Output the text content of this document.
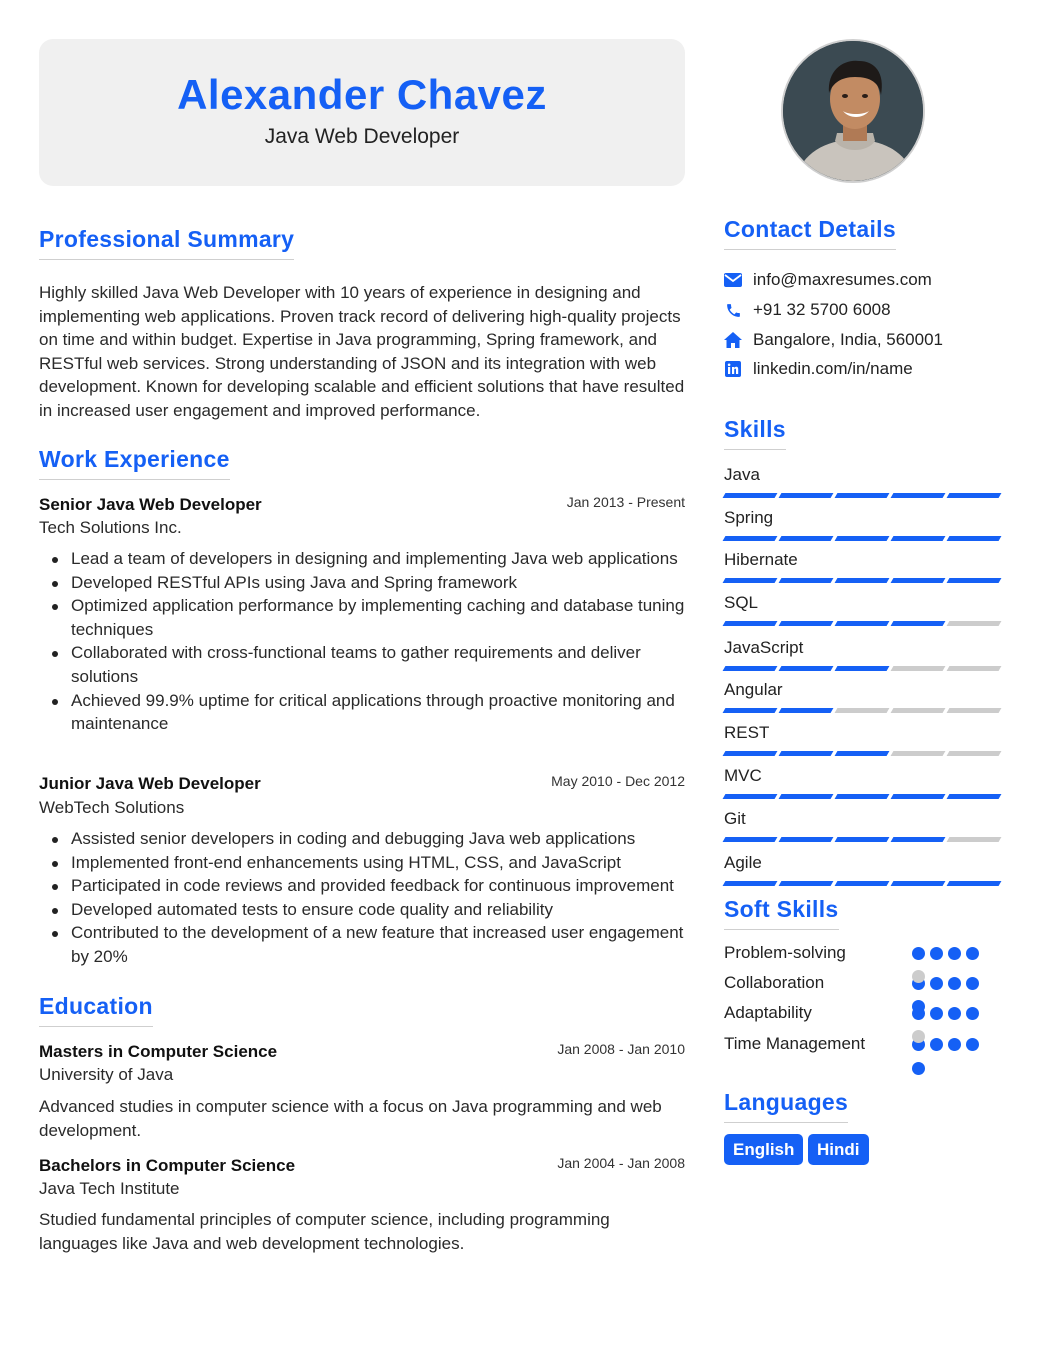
Alexander Chavez
Java Web Developer
Professional Summary
Highly skilled Java Web Developer with 10 years of experience in designing and implementing web applications. Proven track record of delivering high-quality projects on time and within budget. Expertise in Java programming, Spring framework, and RESTful web services. Strong understanding of JSON and its integration with web development. Known for developing scalable and efficient solutions that have resulted in increased user engagement and improved performance.
Work Experience
Senior Java Web Developer	Jan 2013 - Present
Tech Solutions Inc.
Lead a team of developers in designing and implementing Java web applications
Developed RESTful APIs using Java and Spring framework
Optimized application performance by implementing caching and database tuning techniques
Collaborated with cross-functional teams to gather requirements and deliver solutions
Achieved 99.9% uptime for critical applications through proactive monitoring and maintenance
Junior Java Web Developer	May 2010 - Dec 2012
WebTech Solutions
Assisted senior developers in coding and debugging Java web applications
Implemented front-end enhancements using HTML, CSS, and JavaScript
Participated in code reviews and provided feedback for continuous improvement
Developed automated tests to ensure code quality and reliability
Contributed to the development of a new feature that increased user engagement by 20%
Education
Masters in Computer Science	Jan 2008 - Jan 2010
University of Java
Advanced studies in computer science with a focus on Java programming and web development.
Bachelors in Computer Science	Jan 2004 - Jan 2008
Java Tech Institute
Studied fundamental principles of computer science, including programming languages like Java and web development technologies.
Contact Details
info@maxresumes.com
+91 32 5700 6008
Bangalore, India, 560001
linkedin.com/in/name
Skills
Java
Spring
Hibernate
SQL
JavaScript
Angular
REST
MVC
Git
Agile
Soft Skills
Problem-solving
Collaboration
Adaptability
Time Management
Languages
English	Hindi
